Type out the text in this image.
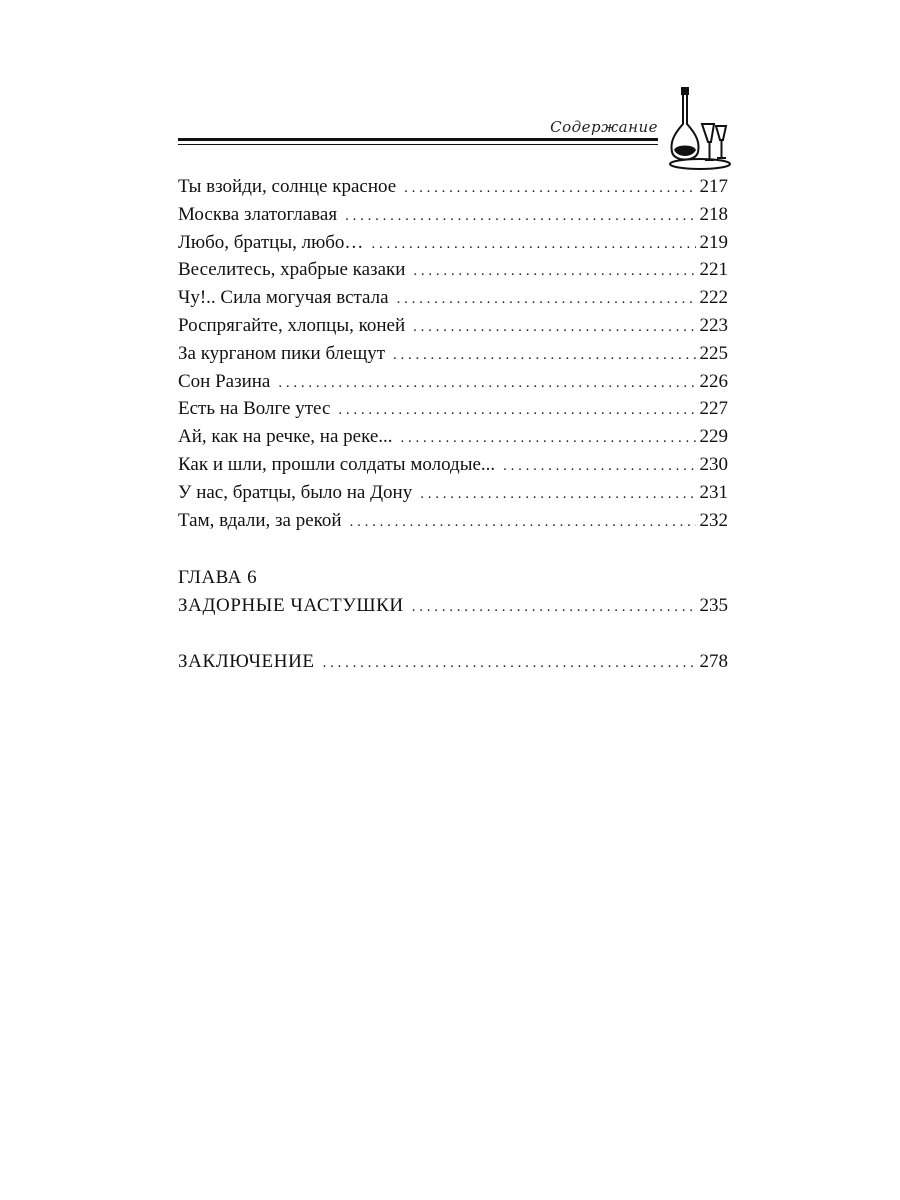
Содержание
Ты взойди, солнце красное . . .	217
Москва златоглавая . . .	218
Любо, братцы, любо… . . .	219
Веселитесь, храбрые казаки . . .	221
Чу!.. Сила могучая встала . . .	222
Роспрягайте, хлопцы, коней . . .	223
За курганом пики блещут . . .	225
Сон Разина . . .	226
Есть на Волге утес . . .	227
Ай, как на речке, на реке... . . .	229
Как и шли, прошли солдаты молодые... . . .	230
У нас, братцы, было на Дону . . .	231
Там, вдали, за рекой . . .	232
ГЛАВА 6
ЗАДОРНЫЕ ЧАСТУШКИ . . .	235
ЗАКЛЮЧЕНИЕ . . .	278
